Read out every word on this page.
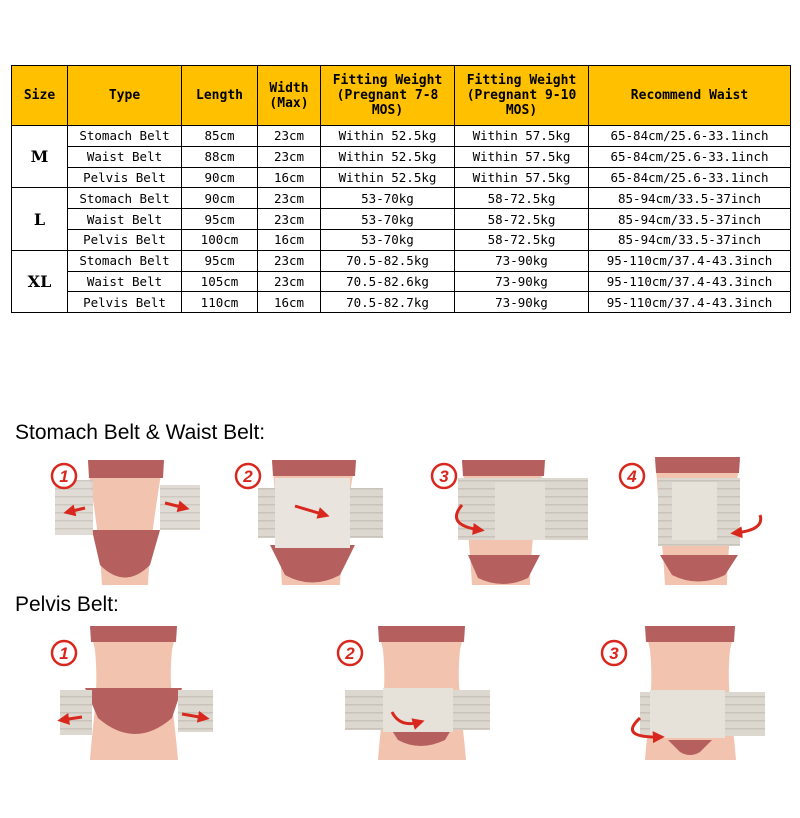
Size	Type	Length	Width (Max)	Fitting Weight (Pregnant 7-8 MOS)	Fitting Weight (Pregnant 9-10 MOS)	Recommend Waist
M	Stomach Belt	85cm	23cm	Within 52.5kg	Within 57.5kg	65-84cm/25.6-33.1inch
	Waist Belt	88cm	23cm	Within 52.5kg	Within 57.5kg	65-84cm/25.6-33.1inch
	Pelvis Belt	90cm	16cm	Within 52.5kg	Within 57.5kg	65-84cm/25.6-33.1inch
L	Stomach Belt	90cm	23cm	53-70kg	58-72.5kg	85-94cm/33.5-37inch
	Waist Belt	95cm	23cm	53-70kg	58-72.5kg	85-94cm/33.5-37inch
	Pelvis Belt	100cm	16cm	53-70kg	58-72.5kg	85-94cm/33.5-37inch
XL	Stomach Belt	95cm	23cm	70.5-82.5kg	73-90kg	95-110cm/37.4-43.3inch
	Waist Belt	105cm	23cm	70.5-82.6kg	73-90kg	95-110cm/37.4-43.3inch
	Pelvis Belt	110cm	16cm	70.5-82.7kg	73-90kg	95-110cm/37.4-43.3inch
Stomach Belt & Waist Belt:
Pelvis Belt:
1	2	3	4
1	2	3
